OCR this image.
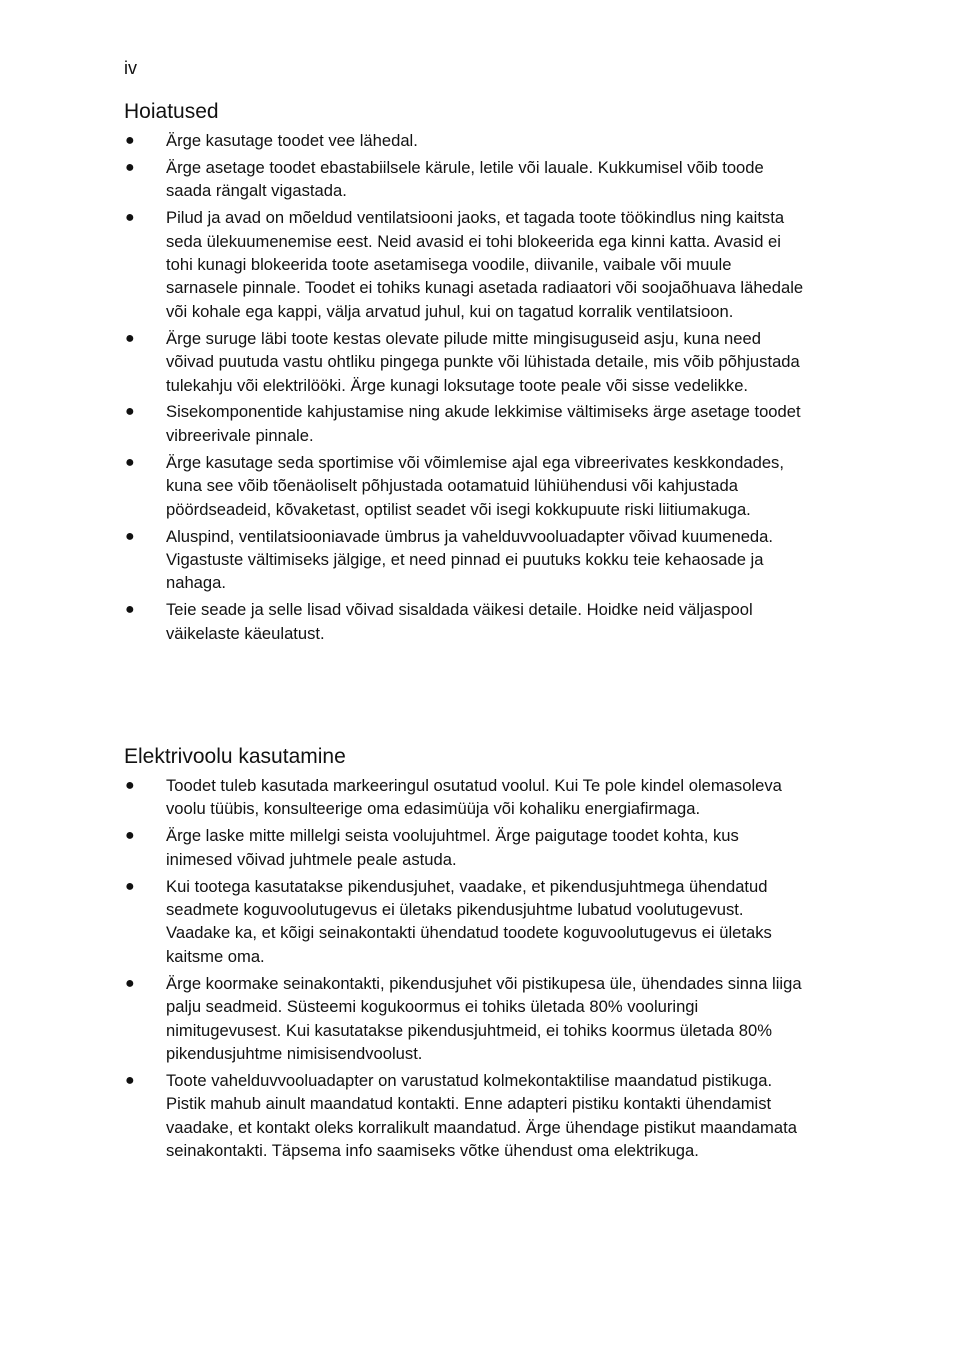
iv
Hoiatused
● Ärge kasutage toodet vee lähedal.
● Ärge asetage toodet ebastabiilsele kärule, letile või lauale. Kukkumisel võib toode saada rängalt vigastada.
● Pilud ja avad on mõeldud ventilatsiooni jaoks, et tagada toote töökindlus ning kaitsta seda ülekuumenemise eest. Neid avasid ei tohi blokeerida ega kinni katta. Avasid ei tohi kunagi blokeerida toote asetamisega voodile, diivanile, vaibale või muule sarnasele pinnale. Toodet ei tohiks kunagi asetada radiaatori või soojaõhuava lähedale või kohale ega kappi, välja arvatud juhul, kui on tagatud korralik ventilatsioon.
● Ärge suruge läbi toote kestas olevate pilude mitte mingisuguseid asju, kuna need võivad puutuda vastu ohtliku pingega punkte või lühistada detaile, mis võib põhjustada tulekahju või elektrilööki. Ärge kunagi loksutage toote peale või sisse vedelikke.
● Sisekomponentide kahjustamise ning akude lekkimise vältimiseks ärge asetage toodet vibreerivale pinnale.
● Ärge kasutage seda sportimise või võimlemise ajal ega vibreerivates keskkondades, kuna see võib tõenäoliselt põhjustada ootamatuid lühiühendusi või kahjustada pöördseadeid, kõvaketast, optilist seadet või isegi kokkupuute riski liitiumakuga.
● Aluspind, ventilatsiooniavade ümbrus ja vahelduvvooluadapter võivad kuumeneda. Vigastuste vältimiseks jälgige, et need pinnad ei puutuks kokku teie kehaosade ja nahaga.
● Teie seade ja selle lisad võivad sisaldada väikesi detaile. Hoidke neid väljaspool väikelaste käeulatust.
Elektrivoolu kasutamine
● Toodet tuleb kasutada markeeringul osutatud voolul. Kui Te pole kindel olemasoleva voolu tüübis, konsulteerige oma edasimüüja või kohaliku energiafirmaga.
● Ärge laske mitte millelgi seista voolujuhtmel. Ärge paigutage toodet kohta, kus inimesed võivad juhtmele peale astuda.
● Kui tootega kasutatakse pikendusjuhet, vaadake, et pikendusjuhtmega ühendatud seadmete koguvoolutugevus ei ületaks pikendusjuhtme lubatud voolutugevust. Vaadake ka, et kõigi seinakontakti ühendatud toodete koguvoolutugevus ei ületaks kaitsme oma.
● Ärge koormake seinakontakti, pikendusjuhet või pistikupesa üle, ühendades sinna liiga palju seadmeid. Süsteemi kogukoormus ei tohiks ületada 80% vooluringi nimitugevusest. Kui kasutatakse pikendusjuhtmeid, ei tohiks koormus ületada 80% pikendusjuhtme nimisisendvoolust.
● Toote vahelduvvooluadapter on varustatud kolmekontaktilise maandatud pistikuga. Pistik mahub ainult maandatud kontakti. Enne adapteri pistiku kontakti ühendamist vaadake, et kontakt oleks korralikult maandatud. Ärge ühendage pistikut maandamata seinakontakti. Täpsema info saamiseks võtke ühendust oma elektrikuga.
